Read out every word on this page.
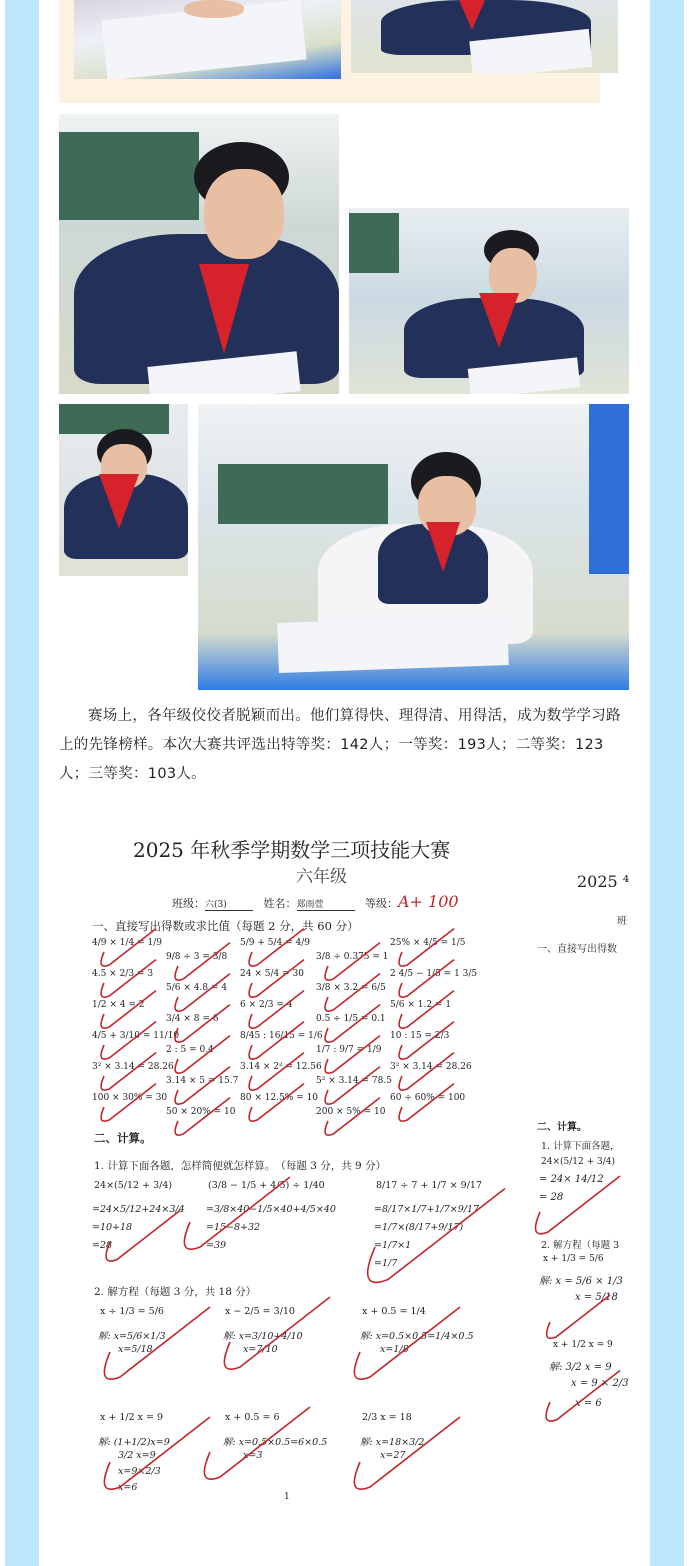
赛场上，各年级佼佼者脱颖而出。他们算得快、理得清、用得活，成为数学学习路上的先锋榜样。本次大赛共评选出特等奖：142人；一等奖：193人；二等奖：123人；三等奖：103人。

2025 年秋季学期数学三项技能大赛
六年级
班级：六(3)	姓名：郑雨萱	等级：A+ 100
一、直接写出得数或求比值（每题 2 分，共 60 分）
4/9 × 1/4 = 1/9
9/8 ÷ 3 = 3/8
5/9 + 5/4 = 4/9
3/8 ÷ 0.375 = 1
25% × 4/5 = 1/5
4.5 × 2/3 = 3
5/6 × 4.8 = 4
24 × 5/4 = 30
3/8 × 3.2 = 6/5
2 4/5 − 1/5 = 1 3/5
1/2 × 4 = 2
3/4 × 8 = 6
6 × 2/3 = 4
0.5 ÷ 1/5 = 0.1
5/6 × 1.2 = 1
4/5 + 3/10 = 11/10
2 : 5 = 0.4
8/45 : 16/15 = 1/6
1/7 : 9/7 = 1/9
10 : 15 = 2/3
3² × 3.14 = 28.26
3.14 × 5 = 15.7
3.14 × 2² = 12.56
5² × 3.14 = 78.5
3² × 3.14 = 28.26
100 × 30% = 30
50 × 20% = 10
80 × 12.5% = 10
200 × 5% = 10
60 ÷ 60% = 100
二、计算。
1. 计算下面各题，怎样简便就怎样算。　（每题 3 分，共 9 分）
2. 解方程（每题 3 分，共 18 分）
24×(5/12 + 3/4)
=24×5/12+24×3/4
=10+18
=28
(3/8 − 1/5 + 4/5) ÷ 1/40
=3/8×40−1/5×40+4/5×40
=15−8+32
=39
8/17 ÷ 7 + 1/7 × 9/17
=8/17×1/7+1/7×9/17
=1/7×(8/17+9/17)
=1/7×1
=1/7
x ÷ 1/3 = 5/6
解: x=5/6×1/3
x=5/18
x − 2/5 = 3/10
解: x=3/10+4/10
x=7/10
x + 0.5 = 1/4
解: x=0.5×0.5=1/4×0.5
x=1/8
x + 1/2 x = 9
解: (1+1/2)x=9
3/2 x=9
x=9×2/3
x=6
x + 0.5 = 6
解: x=0.5×0.5=6×0.5
x=3
2/3 x = 18
解: x=18×3/2
x=27
1
2025 ⁴
班
一、直接写出得数
二、计算。
1. 计算下面各题，
24×(5/12 + 3/4)
= 24× 14/12
= 28
2. 解方程（每题 3
x + 1/3 = 5/6
解: x = 5/6 × 1/3
x = 5/18
x + 1/2 x = 9
解: 3/2 x = 9
x = 9 × 2/3
x = 6
